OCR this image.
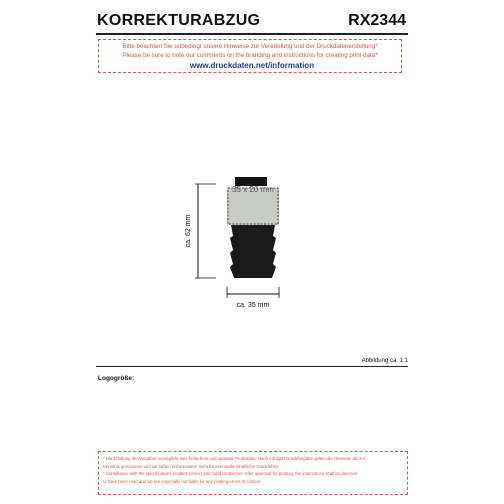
KORREKTURABZUG	RX2344
Bitte beachten Sie unbedingt unsere Hinweise zur Veredelung und der Druckdatenerstellung*
Please be sure to note our comments on the branding and instructions for creating print data*
www.druckdaten.net/information
35 x 20 mm
ca. 62 mm
ca. 35 mm
Abbildung ca. 1:1
Logogröße:
* Die Erfüllung der Vorgaben ermöglicht eine fehlerfreie und optimale Produktion. Nach erfolgter Druckfreigabe gelten die Hinweise als zur
Kenntnis genommen und wir haften insbesondere nicht für eventuelle inhaltliche Druckfehler.
* Compliance with the specifications enables correct and rapid production. After approval for printing, the instructions shall be deemed
to have been read and we are especially not liable for any printing errors in content.
